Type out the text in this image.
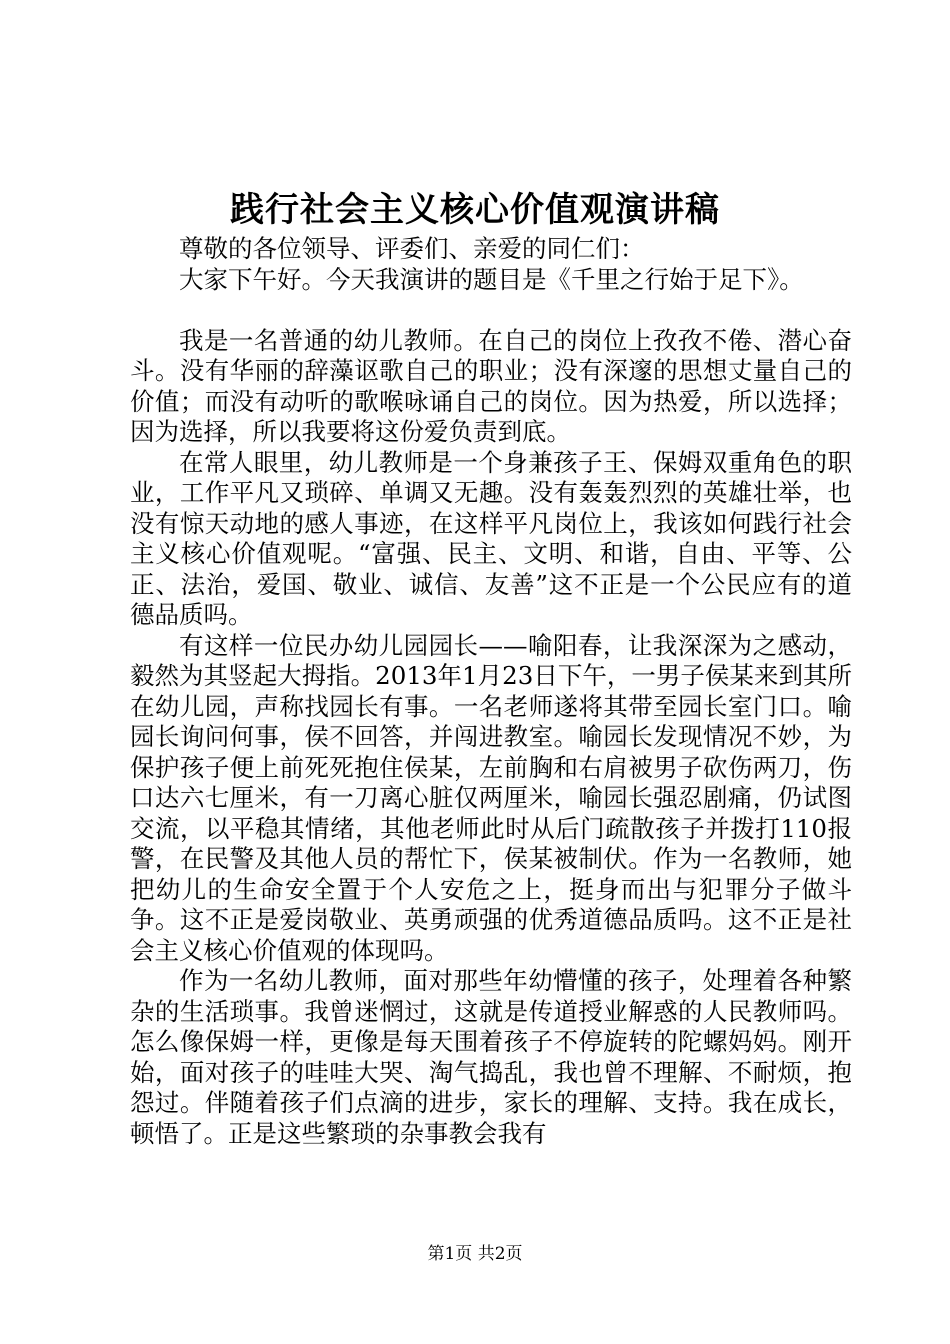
践行社会主义核心价值观演讲稿

尊敬的各位领导、评委们、亲爱的同仁们：

大家下午好。今天我演讲的题目是《千里之行始于足下》。

我是一名普通的幼儿教师。在自己的岗位上孜孜不倦、潜心奋斗。没有华丽的辞藻讴歌自己的职业；没有深邃的思想丈量自己的价值；而没有动听的歌喉咏诵自己的岗位。因为热爱，所以选择；因为选择，所以我要将这份爱负责到底。

在常人眼里，幼儿教师是一个身兼孩子王、保姆双重角色的职业，工作平凡又琐碎、单调又无趣。没有轰轰烈烈的英雄壮举，也没有惊天动地的感人事迹，在这样平凡岗位上，我该如何践行社会主义核心价值观呢。“富强、民主、文明、和谐，自由、平等、公正、法治，爱国、敬业、诚信、友善”这不正是一个公民应有的道德品质吗。

有这样一位民办幼儿园园长——喻阳春，让我深深为之感动，毅然为其竖起大拇指。2013年1月23日下午，一男子侯某来到其所在幼儿园，声称找园长有事。一名老师遂将其带至园长室门口。喻园长询问何事，侯不回答，并闯进教室。喻园长发现情况不妙，为保护孩子便上前死死抱住侯某，左前胸和右肩被男子砍伤两刀，伤口达六七厘米，有一刀离心脏仅两厘米，喻园长强忍剧痛，仍试图交流，以平稳其情绪，其他老师此时从后门疏散孩子并拨打110报警，在民警及其他人员的帮忙下，侯某被制伏。作为一名教师，她把幼儿的生命安全置于个人安危之上，挺身而出与犯罪分子做斗争。这不正是爱岗敬业、英勇顽强的优秀道德品质吗。这不正是社会主义核心价值观的体现吗。

作为一名幼儿教师，面对那些年幼懵懂的孩子，处理着各种繁杂的生活琐事。我曾迷惘过，这就是传道授业解惑的人民教师吗。怎么像保姆一样，更像是每天围着孩子不停旋转的陀螺妈妈。刚开始，面对孩子的哇哇大哭、淘气捣乱，我也曾不理解、不耐烦，抱怨过。伴随着孩子们点滴的进步，家长的理解、支持。我在成长，顿悟了。正是这些繁琐的杂事教会我有

第1页 共2页
